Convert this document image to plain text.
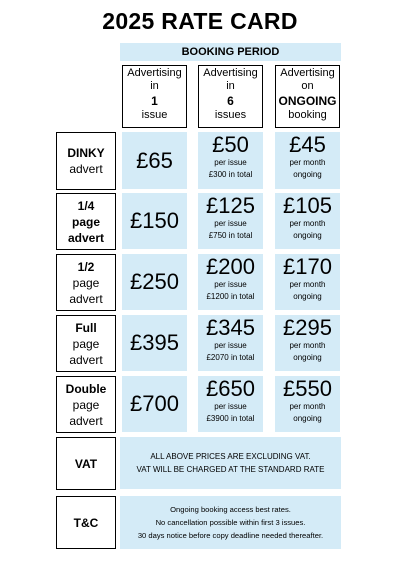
2025 RATE CARD
BOOKING PERIOD
Advertising
in
1
issue
Advertising
in
6
issues
Advertising
on
ONGOING
booking
DINKY
advert	£65
£50
per issue
£300 in total
£45
per month
ongoing
1/4
page
advert
£150
£125
per issue
£750 in total
£105
per month
ongoing
1/2
page
advert
£250
£200
per issue
£1200 in total
£170
per month
ongoing
Full
page
advert
£395
£345
per issue
£2070 in total
£295
per month
ongoing
Double
page
advert
£700
£650
per issue
£3900 in total
£550
per month
ongoing
VAT	ALL ABOVE PRICES ARE EXCLUDING VAT.
VAT WILL BE CHARGED AT THE STANDARD RATE
T&C
Ongoing booking access best rates.
No cancellation possible within first 3 issues.
30 days notice before copy deadline needed thereafter.
